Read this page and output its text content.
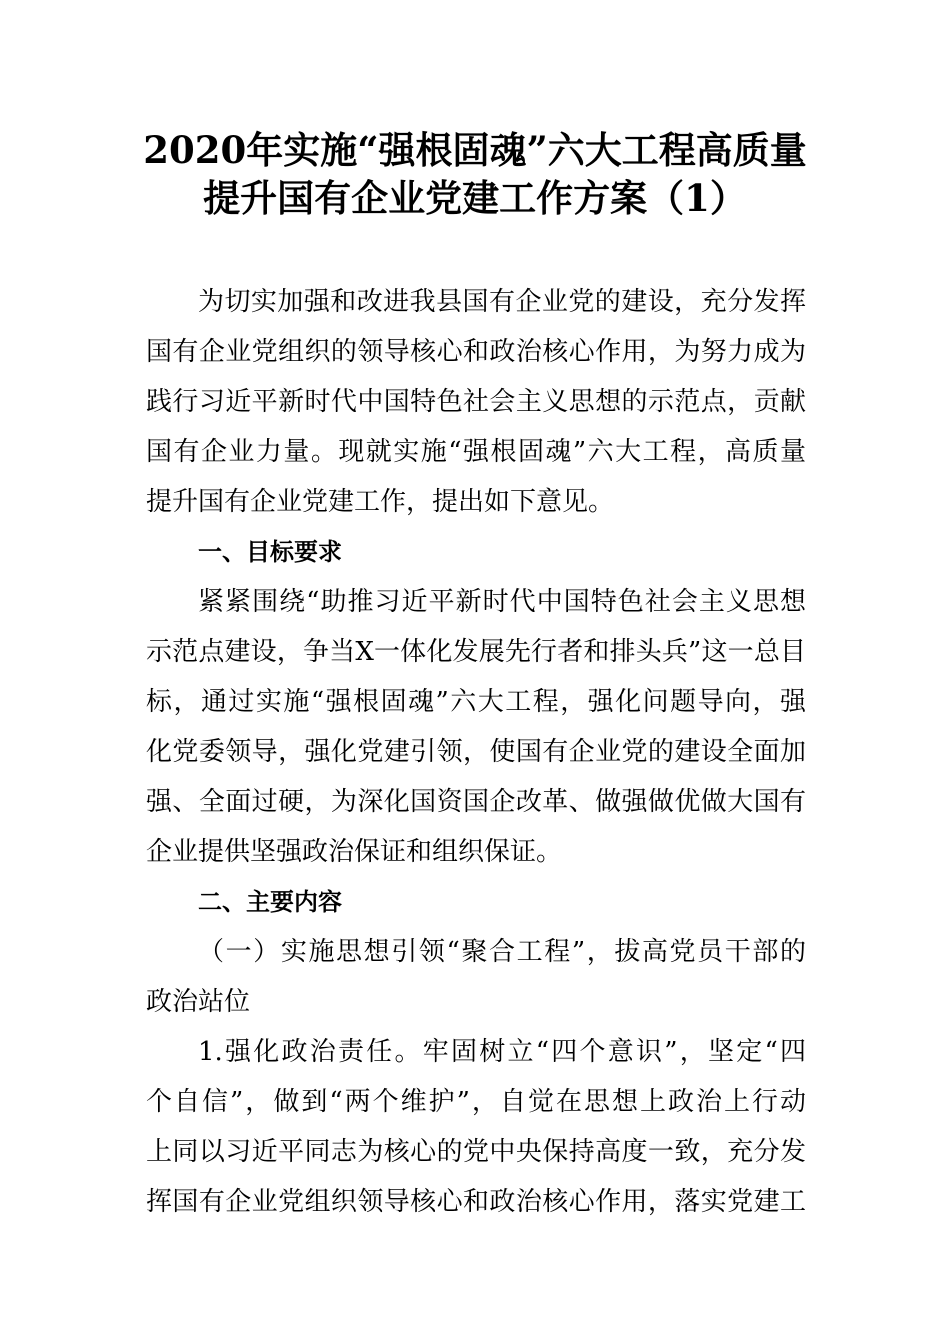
2020年实施“强根固魂”六大工程高质量
提升国有企业党建工作方案（1）
为切实加强和改进我县国有企业党的建设，充分发挥
国有企业党组织的领导核心和政治核心作用，为努力成为
践行习近平新时代中国特色社会主义思想的示范点，贡献
国有企业力量。现就实施“强根固魂”六大工程，高质量
提升国有企业党建工作，提出如下意见。
一、目标要求
紧紧围绕“助推习近平新时代中国特色社会主义思想
示范点建设，争当X一体化发展先行者和排头兵”这一总目
标，通过实施“强根固魂”六大工程，强化问题导向，强
化党委领导，强化党建引领，使国有企业党的建设全面加
强、全面过硬，为深化国资国企改革、做强做优做大国有
企业提供坚强政治保证和组织保证。
二、主要内容
（一）实施思想引领“聚合工程”，拔高党员干部的
政治站位
1.强化政治责任。牢固树立“四个意识”，坚定“四
个自信”，做到“两个维护”，自觉在思想上政治上行动
上同以习近平同志为核心的党中央保持高度一致，充分发
挥国有企业党组织领导核心和政治核心作用，落实党建工
